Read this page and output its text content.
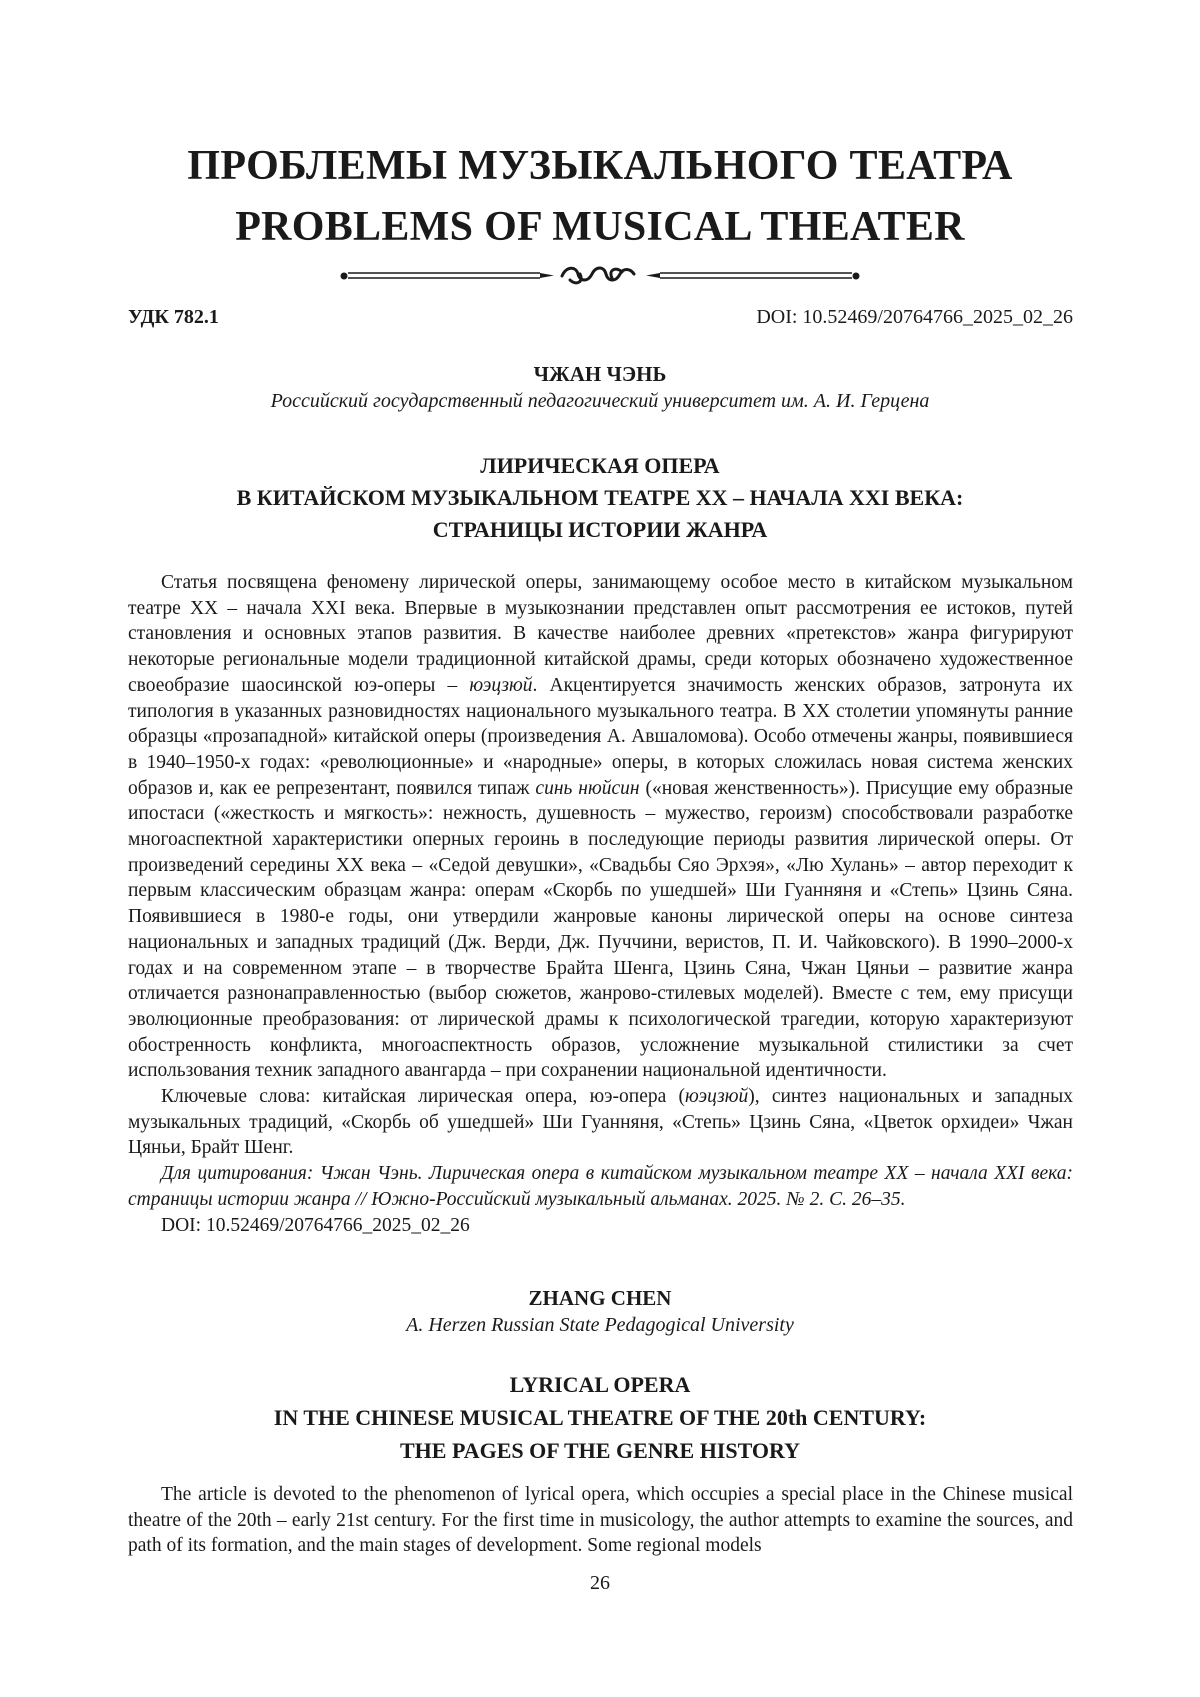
ПРОБЛЕМЫ МУЗЫКАЛЬНОГО ТЕАТРА
PROBLEMS OF MUSICAL THEATER
УДК 782.1	DOI: 10.52469/20764766_2025_02_26
ЧЖАН ЧЭНЬ
Российский государственный педагогический университет им. А. И. Герцена
ЛИРИЧЕСКАЯ ОПЕРА
В КИТАЙСКОМ МУЗЫКАЛЬНОМ ТЕАТРЕ XX – НАЧАЛА XXI ВЕКА:
СТРАНИЦЫ ИСТОРИИ ЖАНРА

Статья посвящена феномену лирической оперы, занимающему особое место в китайском музыкальном театре XX – начала XXI века. Впервые в музыкознании представлен опыт рассмотрения ее истоков, путей становления и основных этапов развития. В качестве наиболее древних «претекстов» жанра фигурируют некоторые региональные модели традиционной китайской драмы, среди которых обозначено художественное своеобразие шаосинской юэ-оперы – юэцзюй. Акцентируется значимость женских образов, затронута их типология в указанных разновидностях национального музыкального театра. В XX столетии упомянуты ранние образцы «прозападной» китайской оперы (произведения А. Авшаломова). Особо отмечены жанры, появившиеся в 1940–1950-х годах: «революционные» и «народные» оперы, в которых сложилась новая система женских образов и, как ее репрезентант, появился типаж синь нюйсин («новая женственность»). Присущие ему образные ипостаси («жесткость и мягкость»: нежность, душевность – мужество, героизм) способствовали разработке многоаспектной характеристики оперных героинь в последующие периоды развития лирической оперы. От произведений середины XX века – «Седой девушки», «Свадьбы Сяо Эрхэя», «Лю Хулань» – автор переходит к первым классическим образцам жанра: операм «Скорбь по ушедшей» Ши Гуанняня и «Степь» Цзинь Сяна. Появившиеся в 1980-е годы, они утвердили жанровые каноны лирической оперы на основе синтеза национальных и западных традиций (Дж. Верди, Дж. Пуччини, веристов, П. И. Чайковского). В 1990–2000-х годах и на современном этапе – в творчестве Брайта Шенга, Цзинь Сяна, Чжан Цяньи – развитие жанра отличается разнонаправленностью (выбор сюжетов, жанрово-стилевых моделей). Вместе с тем, ему присущи эволюционные преобразования: от лирической драмы к психологической трагедии, которую характеризуют обостренность конфликта, многоаспектность образов, усложнение музыкальной стилистики за счет использования техник западного авангарда – при сохранении национальной идентичности.

Ключевые слова: китайская лирическая опера, юэ-опера (юэцзюй), синтез национальных и западных музыкальных традиций, «Скорбь об ушедшей» Ши Гуанняня, «Степь» Цзинь Сяна, «Цветок орхидеи» Чжан Цяньи, Брайт Шенг.

Для цитирования: Чжан Чэнь. Лирическая опера в китайском музыкальном театре XX – начала XXI века: страницы истории жанра // Южно-Российский музыкальный альманах. 2025. № 2. С. 26–35.

DOI: 10.52469/20764766_2025_02_26

ZHANG CHEN
A. Herzen Russian State Pedagogical University
LYRICAL OPERA
IN THE CHINESE MUSICAL THEATRE OF THE 20th CENTURY:
THE PAGES OF THE GENRE HISTORY

The article is devoted to the phenomenon of lyrical opera, which occupies a special place in the Chinese musical theatre of the 20th – early 21st century. For the first time in musicology, the author attempts to examine the sources, and path of its formation, and the main stages of development. Some regional models

26
